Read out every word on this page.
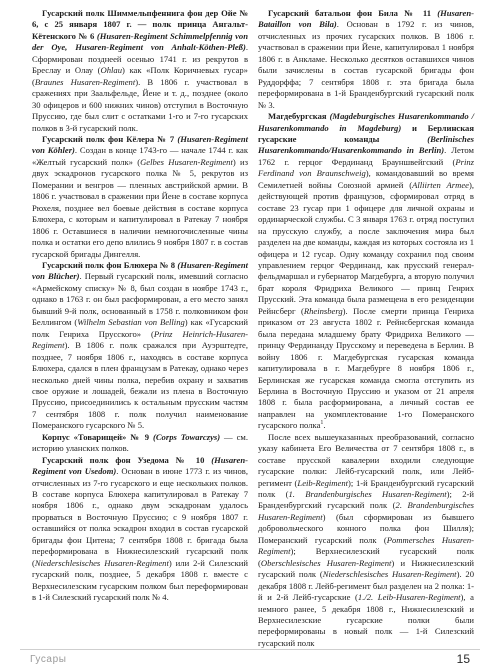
Гусарский полк Шиммельпфеннига фон дер Ойе № 6, с 25 января 1807 г. — полк принца Ангальт-Кётенского № 6 (Husaren-Regiment Schimmelpfennig von der Oye, Husaren-Regiment von Anhalt-Köthen-Pleß). Сформирован позднеей осенью 1741 г. из рекрутов в Бреслау и Олау (Ohlau) как «Полк Коричневых гусар» (Braunes Husaren-Regiment). В 1806 г. участвовал в сражениях при Заальфельде, Йене и т. д., позднее (около 30 офицеров и 600 нижних чинов) отступил в Восточную Пруссию, где был слит с остатками 1-го и 7-го гусарских полков в 3-й гусарский полк.

Гусарский полк фон Кёлера № 7 (Husaren-Regiment von Köhler). Создан в конце 1743-го — начале 1744 г. как «Желтый гусарский полк» (Gelbes Husaren-Regiment) из двух эскадронов гусарского полка № 5, рекрутов из Померании и венгров — пленных австрийской армии. В 1806 г. участвовал в сражении при Йене в составе корпуса Рюхеля, позднее вел боевые действия в составе корпуса Блюхера, с которым и капитулировал в Ратекау 7 ноября 1806 г. Оставшиеся в наличии немногочисленные чины полка и остатки его депо влились 9 ноября 1807 г. в состав гусарской бригады Дингелля.

Гусарский полк фон Блюхера № 8 (Husaren-Regiment von Blücher). Первый гусарский полк, имевший согласно «Армейскому списку» № 8, был создан в ноябре 1743 г., однако в 1763 г. он был расформирован, а его место занял бывший 9-й полк, основанный в 1758 г. полковником фон Беллингом (Wilhelm Sebastian von Belling) как «Гусарский полк Генриха Прусского» (Prinz Heinrich-Husaren-Regiment). В 1806 г. полк сражался при Ауэрштедте, позднее, 7 ноября 1806 г., находясь в составе корпуса Блюхера, сдался в плен французам в Ратекау, однако через несколько дней чины полка, перебив охрану и захватив свое оружие и лошадей, бежали из плена в Восточную Пруссию, присоединились к остальным прусским частям 7 сентября 1808 г. полк получил наименование Померанского гусарского № 5.

Корпус «Товарищей» № 9 (Corps Towarczys) — см. историю уланских полков.

Гусарский полк фон Узедома № 10 (Husaren-Regiment von Usedom). Основан в июне 1773 г. из чинов, отчисленных из 7-го гусарского и еще нескольких полков. В составе корпуса Блюхера капитулировал в Ратекау 7 ноября 1806 г., однако двум эскадронам удалось прорваться в Восточную Пруссию; с 9 ноября 1807 г. оставшийся от полка эскадрон входил в состав гусарской бригады фон Цитена; 7 сентября 1808 г. бригада была переформирована в Нижнесилезский гусарский полк (Niederschlesisches Husaren-Regiment) или 2-й Силезский гусарский полк, позднее, 5 декабря 1808 г. вместе с Верхнесилезским гусарским полком был переформирован в 1-й Силезский гусарский полк № 4.

Гусарский батальон фон Била № 11 (Husaren-Bataillon von Bila). Основан в 1792 г. из чинов, отчисленных из прочих гусарских полков. В 1806 г. участвовал в сражении при Йене, капитулировал 1 ноября 1806 г. в Анкламе. Несколько десятков оставшихся чинов были зачислены в состав гусарской бригады фон Руддорффа; 7 сентября 1808 г. эта бригада была переформирована в 1-й Бранденбургский гусарский полк № 3.

Магдебургская (Magdeburgisches Husarenkommando / Husarenkommando in Magdeburg) и Берлинская гусарские команды (Berlinisches Husarenkommando/Husarenkommando in Berlin). Летом 1762 г. герцог Фердинанд Брауншвейгский (Prinz Ferdinand von Braunschweig), командовавший во время Семилетней войны Союзной армией (Alliirten Armee), действующей против французов, сформировал отряд в составе 23 гусар при 1 офицере для личной охраны и ординарческой службы. С 3 января 1763 г. отряд поступил на прусскую службу, а после заключения мира был разделен на две команды, каждая из которых состояла из 1 офицера и 12 гусар. Одну команду сохранил под своим управлением герцог Фердинанд, как прусский генерал-фельдмаршал и губернатор Магдебурга, а вторую получил брат короля Фридриха Великого — принц Генрих Прусский. Эта команда была размещена в его резиденции Рейнсберг (Rheinsberg). После смерти принца Генриха приказом от 23 августа 1802 г. Рейнсбергская команда была передана младшему брату Фридриха Великого — принцу Фердинанду Прусскому и переведена в Берлин. В войну 1806 г. Магдебургская гусарская команда капитулировала в г. Магдебурге 8 ноября 1806 г., Берлинская же гусарская команда смогла отступить из Берлина в Восточную Пруссию и указом от 21 апреля 1808 г. была расформирована, а личный состав ее направлен на укомплектование 1-го Померанского гусарского полка$^1$.

После всех вышеуказанных преобразований, согласно указу кабинета Его Величества от 7 сентября 1808 г., в составе прусской кавалерии входили следующие гусарские полки: Лейб-гусарский полк, или Лейб-регимент (Leib-Regiment); 1-й Бранденбургский гусарский полк (1. Brandenburgisches Husaren-Regiment); 2-й Бранденбургский гусарский полк (2. Brandenburgisches Husaren-Regiment) (был сформирован из бывшего добровольческого конного полка фон Шилля); Померанский гусарский полк (Pommersches Husaren-Regiment); Верхнесилезский гусарский полк (Oberschlesisches Husaren-Regiment) и Нижнесилезский гусарский полк (Niederschlesisches Husaren-Regiment). 20 декабря 1808 г. Лейб-регимент был разделен на 2 полка: 1-й и 2-й Лейб-гусарские (1./2. Leib-Husaren-Regiment), а немного ранее, 5 декабря 1808 г., Нижнесилезский и Верхнесилезские гусарские полки были переформированы в новый полк — 1-й Силезский гусарский полк

Гусары	15
